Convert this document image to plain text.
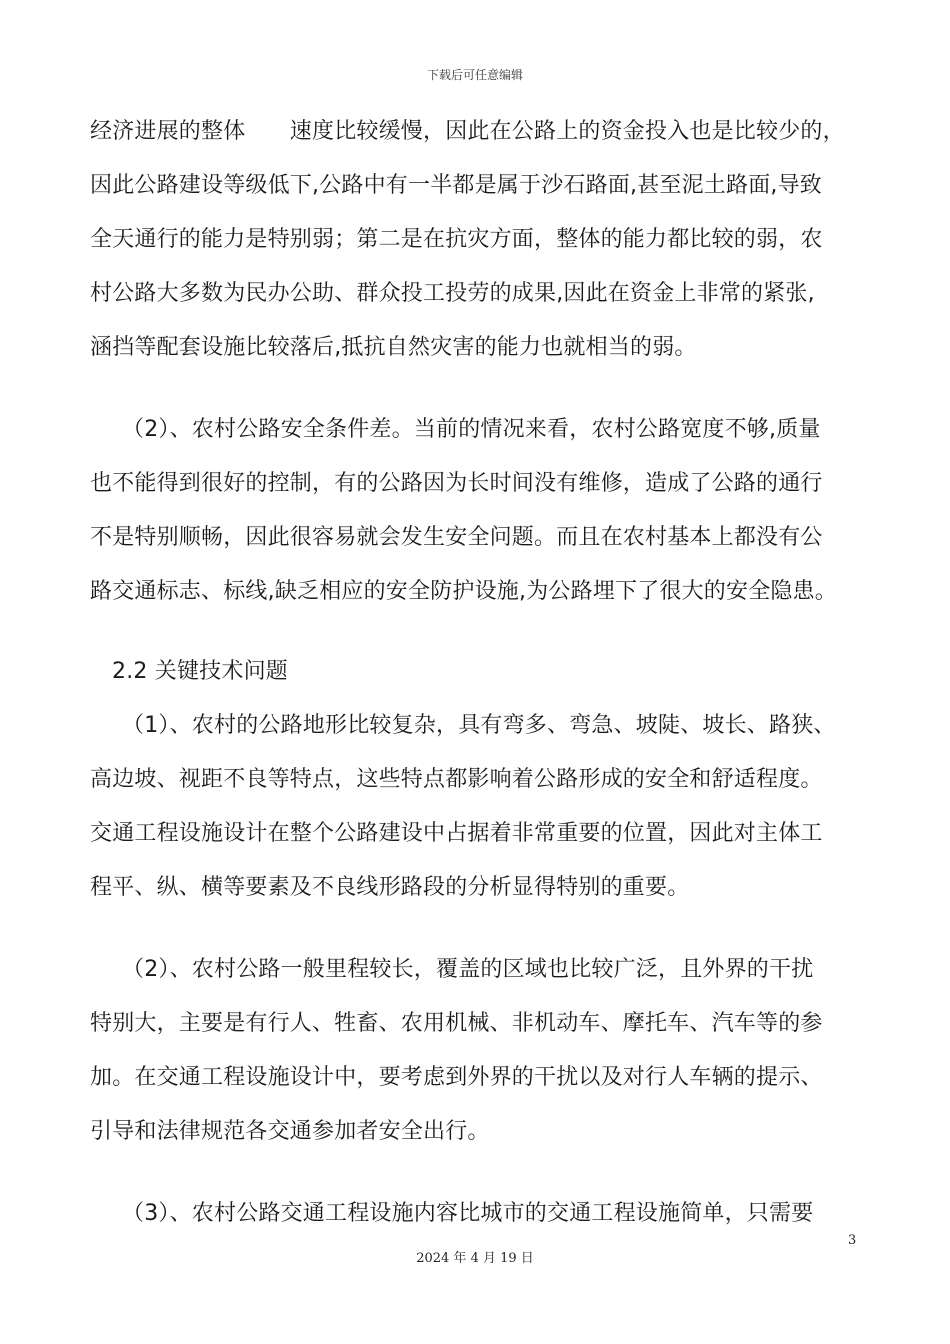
下载后可任意编辑
经济进展的整体　　速度比较缓慢，因此在公路上的资金投入也是比较少的，
因此公路建设等级低下,公路中有一半都是属于沙石路面,甚至泥土路面,导致
全天通行的能力是特别弱；第二是在抗灾方面，整体的能力都比较的弱，农
村公路大多数为民办公助、群众投工投劳的成果,因此在资金上非常的紧张,
涵挡等配套设施比较落后,抵抗自然灾害的能力也就相当的弱。
（2）、农村公路安全条件差。当前的情况来看，农村公路宽度不够,质量
也不能得到很好的控制，有的公路因为长时间没有维修，造成了公路的通行
不是特别顺畅，因此很容易就会发生安全问题。而且在农村基本上都没有公
路交通标志、标线,缺乏相应的安全防护设施,为公路埋下了很大的安全隐患。
2.2 关键技术问题
（1）、农村的公路地形比较复杂，具有弯多、弯急、坡陡、坡长、路狭、
高边坡、视距不良等特点，这些特点都影响着公路形成的安全和舒适程度。
交通工程设施设计在整个公路建设中占据着非常重要的位置，因此对主体工
程平、纵、横等要素及不良线形路段的分析显得特别的重要。
（2）、农村公路一般里程较长，覆盖的区域也比较广泛，且外界的干扰
特别大，主要是有行人、牲畜、农用机械、非机动车、摩托车、汽车等的参
加。在交通工程设施设计中，要考虑到外界的干扰以及对行人车辆的提示、
引导和法律规范各交通参加者安全出行。
（3）、农村公路交通工程设施内容比城市的交通工程设施简单，只需要
3
2024 年 4 月 19 日
